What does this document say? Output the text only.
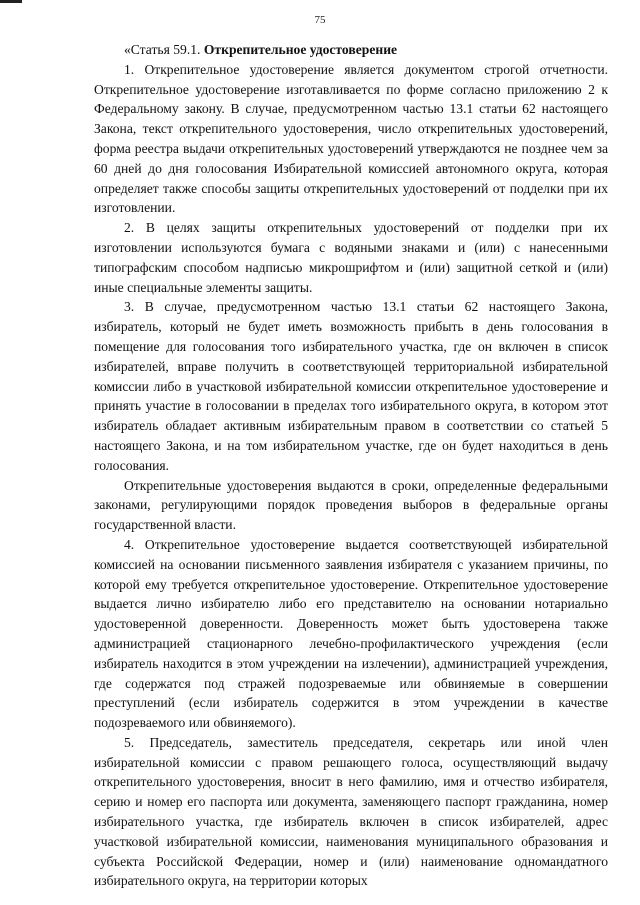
75

«Статья 59.1. Открепительное удостоверение

1. Открепительное удостоверение является документом строгой отчетности. Открепительное удостоверение изготавливается по форме согласно приложению 2 к Федеральному закону. В случае, предусмотренном частью 13.1 статьи 62 настоящего Закона, текст открепительного удостоверения, число открепительных удостоверений, форма реестра выдачи открепительных удостоверений утверждаются не позднее чем за 60 дней до дня голосования Избирательной комиссией автономного округа, которая определяет также способы защиты открепительных удостоверений от подделки при их изготовлении.

2. В целях защиты открепительных удостоверений от подделки при их изготовлении используются бумага с водяными знаками и (или) с нанесенными типографским способом надписью микрошрифтом и (или) защитной сеткой и (или) иные специальные элементы защиты.

3. В случае, предусмотренном частью 13.1 статьи 62 настоящего Закона, избиратель, который не будет иметь возможность прибыть в день голосования в помещение для голосования того избирательного участка, где он включен в список избирателей, вправе получить в соответствующей территориальной избирательной комиссии либо в участковой избирательной комиссии открепительное удостоверение и принять участие в голосовании в пределах того избирательного округа, в котором этот избиратель обладает активным избирательным правом в соответствии со статьей 5 настоящего Закона, и на том избирательном участке, где он будет находиться в день голосования.

Открепительные удостоверения выдаются в сроки, определенные федеральными законами, регулирующими порядок проведения выборов в федеральные органы государственной власти.

4. Открепительное удостоверение выдается соответствующей избирательной комиссией на основании письменного заявления избирателя с указанием причины, по которой ему требуется открепительное удостоверение. Открепительное удостоверение выдается лично избирателю либо его представителю на основании нотариально удостоверенной доверенности. Доверенность может быть удостоверена также администрацией стационарного лечебно-профилактического учреждения (если избиратель находится в этом учреждении на излечении), администрацией учреждения, где содержатся под стражей подозреваемые или обвиняемые в совершении преступлений (если избиратель содержится в этом учреждении в качестве подозреваемого или обвиняемого).

5. Председатель, заместитель председателя, секретарь или иной член избирательной комиссии с правом решающего голоса, осуществляющий выдачу открепительного удостоверения, вносит в него фамилию, имя и отчество избирателя, серию и номер его паспорта или документа, заменяющего паспорт гражданина, номер избирательного участка, где избиратель включен в список избирателей, адрес участковой избирательной комиссии, наименования муниципального образования и субъекта Российской Федерации, номер и (или) наименование одномандатного избирательного округа, на территории которых
